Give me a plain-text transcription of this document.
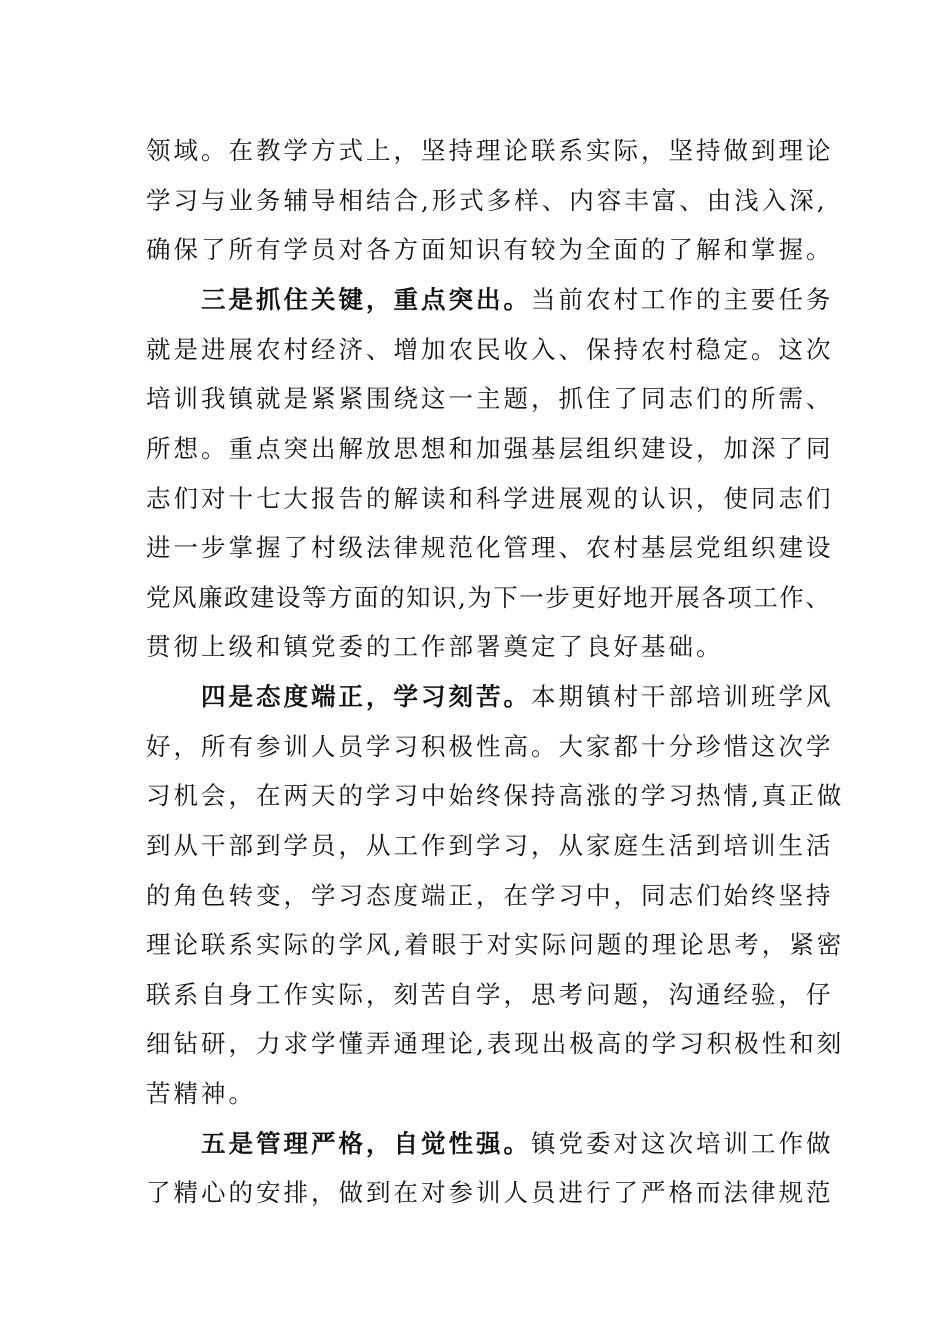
领域。在教学方式上，坚持理论联系实际，坚持做到理论
学习与业务辅导相结合,形式多样、内容丰富、由浅入深,
确保了所有学员对各方面知识有较为全面的了解和掌握。
三是抓住关键，重点突出。当前农村工作的主要任务
就是进展农村经济、增加农民收入、保持农村稳定。这次
培训我镇就是紧紧围绕这一主题，抓住了同志们的所需、
所想。重点突出解放思想和加强基层组织建设，加深了同
志们对十七大报告的解读和科学进展观的认识，使同志们
进一步掌握了村级法律规范化管理、农村基层党组织建设
党风廉政建设等方面的知识,为下一步更好地开展各项工作、
贯彻上级和镇党委的工作部署奠定了良好基础。
四是态度端正，学习刻苦。本期镇村干部培训班学风
好，所有参训人员学习积极性高。大家都十分珍惜这次学
习机会，在两天的学习中始终保持高涨的学习热情,真正做
到从干部到学员，从工作到学习，从家庭生活到培训生活
的角色转变，学习态度端正，在学习中，同志们始终坚持
理论联系实际的学风,着眼于对实际问题的理论思考，紧密
联系自身工作实际，刻苦自学，思考问题，沟通经验，仔
细钻研，力求学懂弄通理论,表现出极高的学习积极性和刻
苦精神。
五是管理严格，自觉性强。镇党委对这次培训工作做
了精心的安排，做到在对参训人员进行了严格而法律规范
